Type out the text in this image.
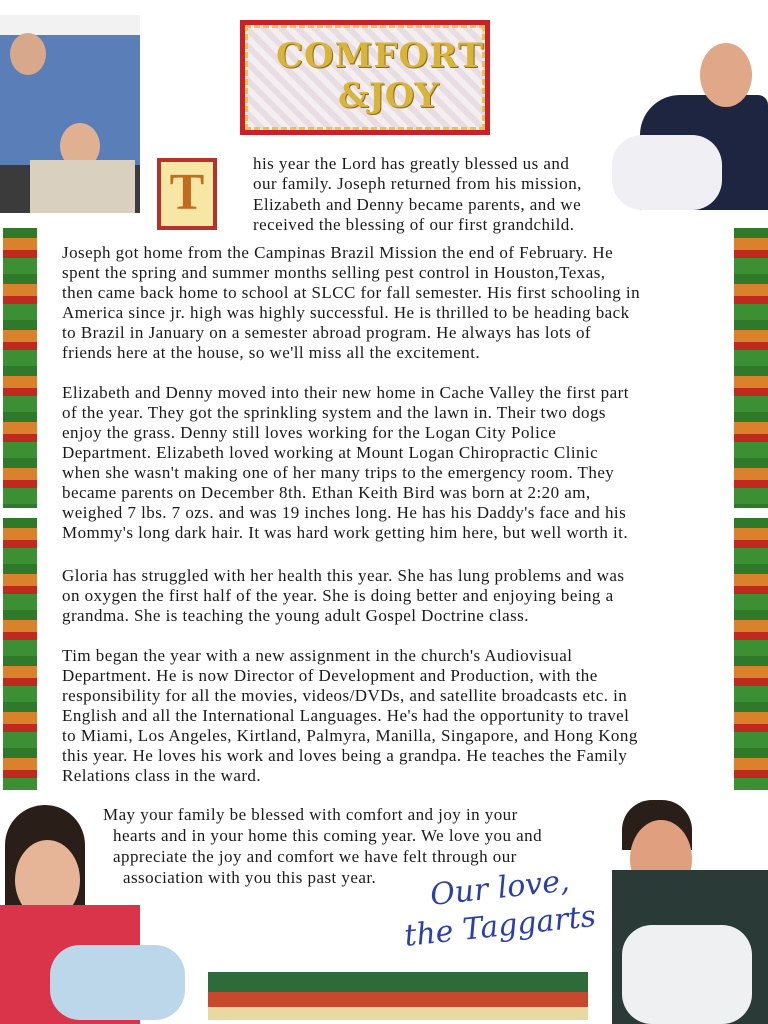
COMFORT
&JOY
T
his year the Lord has greatly blessed us and
our family. Joseph returned from his mission,
Elizabeth and Denny became parents, and we
received the blessing of our first grandchild.
Joseph got home from the Campinas Brazil Mission the end of February. He
spent the spring and summer months selling pest control in Houston,Texas,
then came back home to school at SLCC for fall semester. His first schooling in
America since jr. high was highly successful. He is thrilled to be heading back
to Brazil in January on a semester abroad program. He always has lots of
friends here at the house, so we'll miss all the excitement.
Elizabeth and Denny moved into their new home in Cache Valley the first part
of the year. They got the sprinkling system and the lawn in. Their two dogs
enjoy the grass. Denny still loves working for the Logan City Police
Department. Elizabeth loved working at Mount Logan Chiropractic Clinic
when she wasn't making one of her many trips to the emergency room. They
became parents on December 8th. Ethan Keith Bird was born at 2:20 am,
weighed 7 lbs. 7 ozs. and was 19 inches long. He has his Daddy's face and his
Mommy's long dark hair. It was hard work getting him here, but well worth it.
Gloria has struggled with her health this year. She has lung problems and was
on oxygen the first half of the year. She is doing better and enjoying being a
grandma. She is teaching the young adult Gospel Doctrine class.
Tim began the year with a new assignment in the church's Audiovisual
Department. He is now Director of Development and Production, with the
responsibility for all the movies, videos/DVDs, and satellite broadcasts etc. in
English and all the International Languages. He's had the opportunity to travel
to Miami, Los Angeles, Kirtland, Palmyra, Manilla, Singapore, and Hong Kong
this year. He loves his work and loves being a grandpa. He teaches the Family
Relations class in the ward.
May your family be blessed with comfort and joy in your
hearts and in your home this coming year. We love you and
appreciate the joy and comfort we have felt through our
association with you this past year.	Our love,
the Taggarts
